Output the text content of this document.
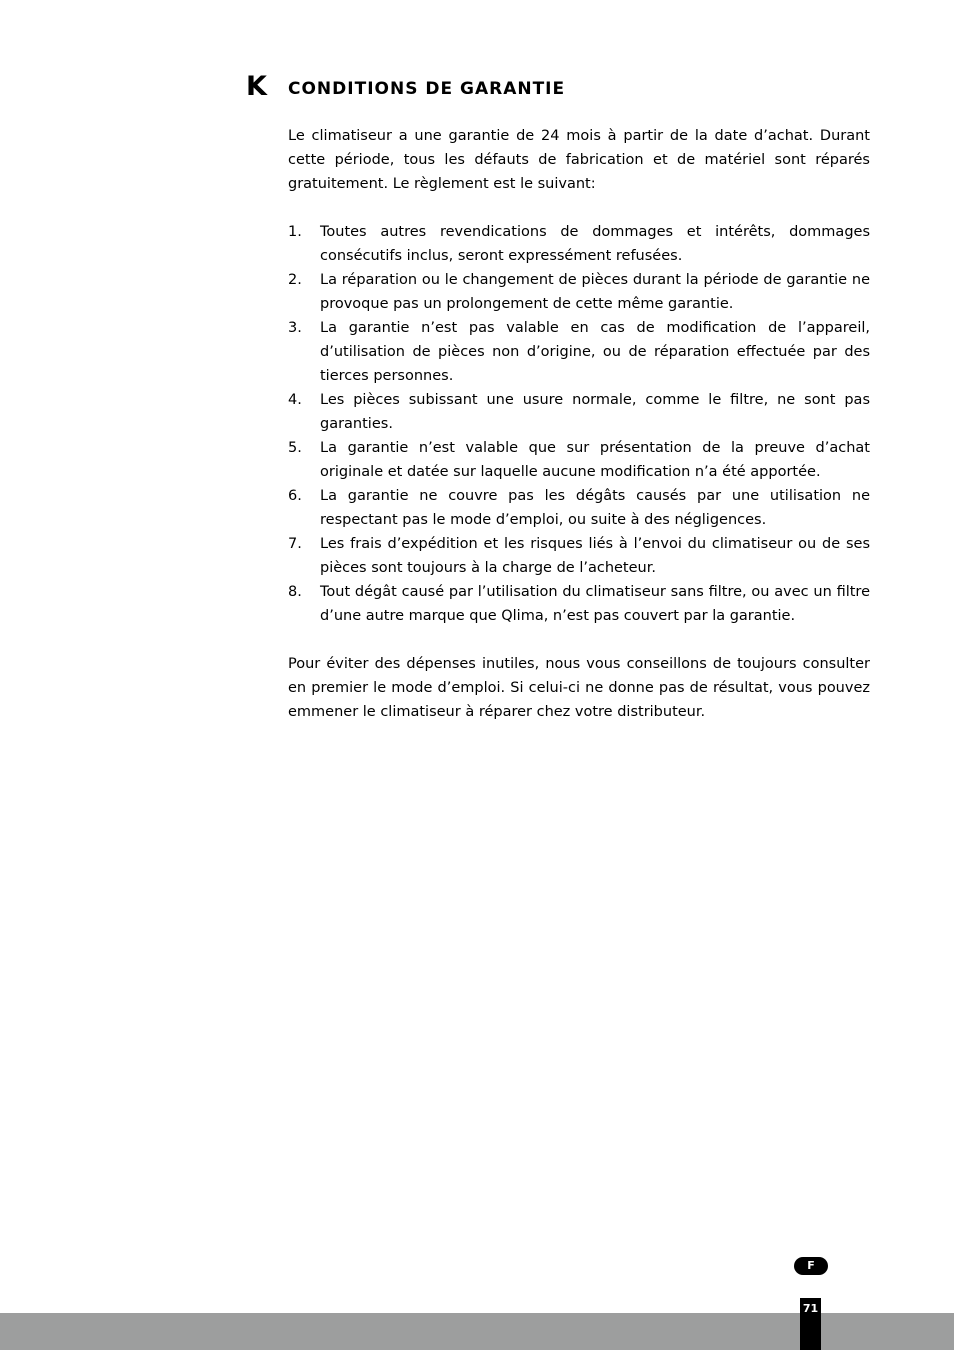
K CONDITIONS DE GARANTIE

Le climatiseur a une garantie de 24 mois à partir de la date d’achat. Durant cette période, tous les défauts de fabrication et de matériel sont réparés gratuitement. Le règlement est le suivant:

1. Toutes autres revendications de dommages et intérêts, dommages consécutifs inclus, seront expressément refusées.
2. La réparation ou le changement de pièces durant la période de garantie ne provoque pas un prolongement de cette même garantie.
3. La garantie n’est pas valable en cas de modification de l’appareil, d’utilisation de pièces non d’origine, ou de réparation effectuée par des tierces personnes.
4. Les pièces subissant une usure normale, comme le filtre, ne sont pas garanties.
5. La garantie n’est valable que sur présentation de la preuve d’achat originale et datée sur laquelle aucune modification n’a été apportée.
6. La garantie ne couvre pas les dégâts causés par une utilisation ne respectant pas le mode d’emploi, ou suite à des négligences.
7. Les frais d’expédition et les risques liés à l’envoi du climatiseur ou de ses pièces sont toujours à la charge de l’acheteur.
8. Tout dégât causé par l’utilisation du climatiseur sans filtre, ou avec un filtre d’une autre marque que Qlima, n’est pas couvert par la garantie.

Pour éviter des dépenses inutiles, nous vous conseillons de toujours consulter en premier le mode d’emploi. Si celui-ci ne donne pas de résultat, vous pouvez emmener le climatiseur à réparer chez votre distributeur.

F
71
